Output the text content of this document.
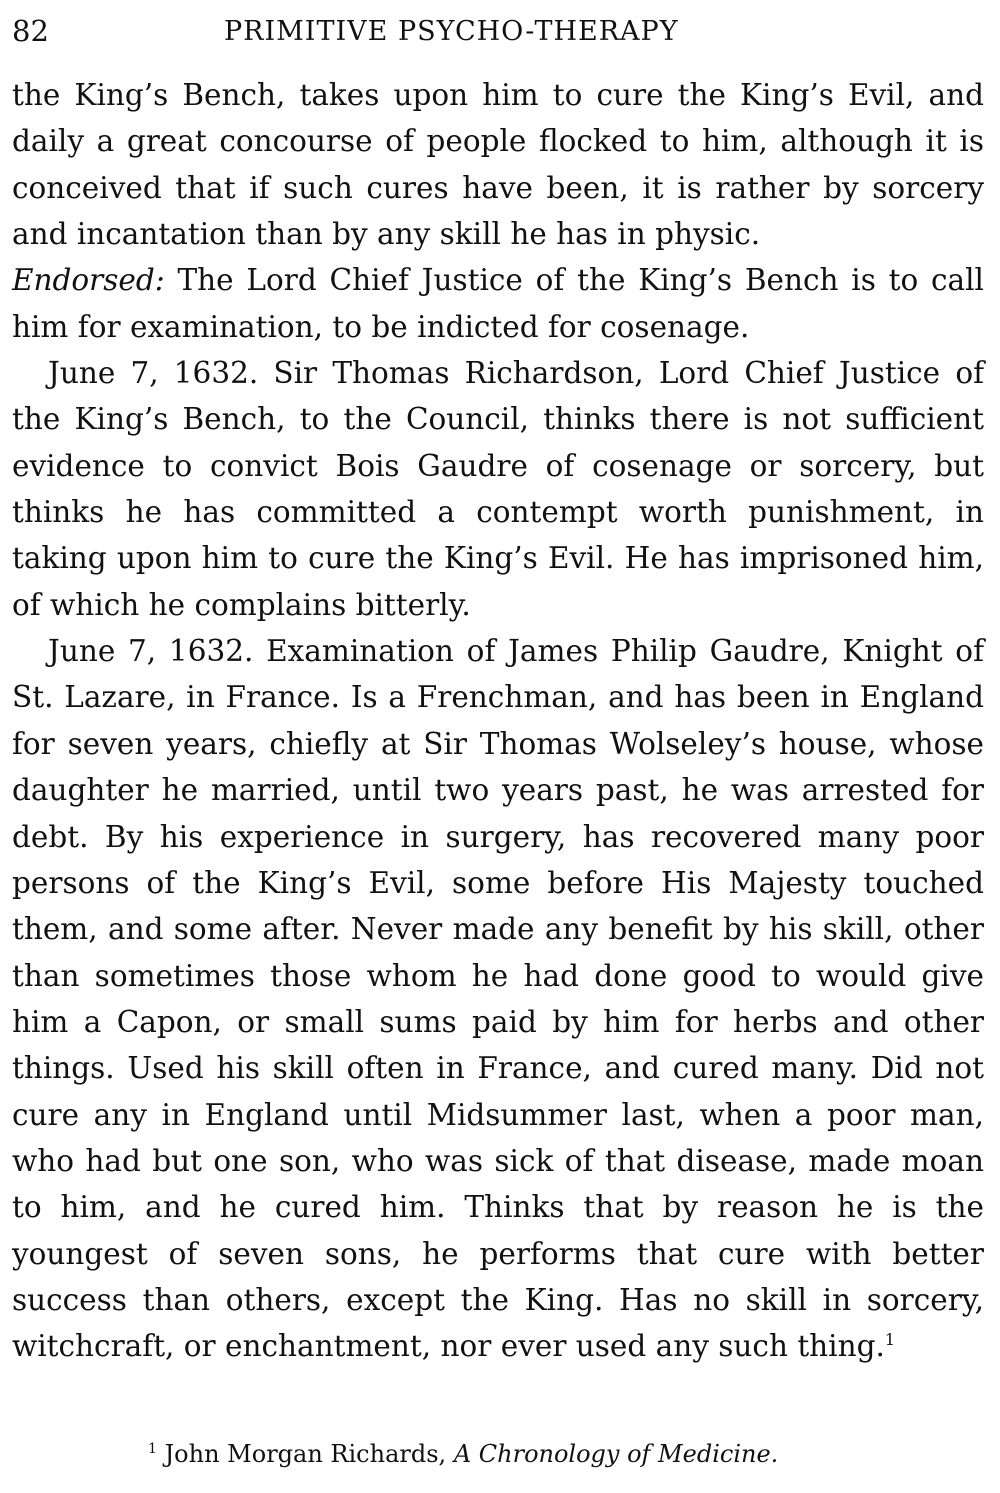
82	PRIMITIVE PSYCHO-THERAPY

the King’s Bench, takes upon him to cure the King’s Evil, and daily a great concourse of people flocked to him, although it is conceived that if such cures have been, it is rather by sorcery and incantation than by any skill he has in physic.
Endorsed: The Lord Chief Justice of the King’s Bench is to call him for examination, to be indicted for cosenage.

June 7, 1632. Sir Thomas Richardson, Lord Chief Justice of the King’s Bench, to the Council, thinks there is not sufficient evidence to convict Bois Gaudre of cosenage or sorcery, but thinks he has committed a contempt worth punishment, in taking upon him to cure the King’s Evil. He has imprisoned him, of which he complains bitterly.

June 7, 1632. Examination of James Philip Gaudre, Knight of St. Lazare, in France. Is a Frenchman, and has been in England for seven years, chiefly at Sir Thomas Wolseley’s house, whose daughter he married, until two years past, he was arrested for debt. By his experience in surgery, has recovered many poor persons of the King’s Evil, some before His Majesty touched them, and some after. Never made any benefit by his skill, other than sometimes those whom he had done good to would give him a Capon, or small sums paid by him for herbs and other things. Used his skill often in France, and cured many. Did not cure any in England until Midsummer last, when a poor man, who had but one son, who was sick of that disease, made moan to him, and he cured him. Thinks that by reason he is the youngest of seven sons, he performs that cure with better success than others, except the King. Has no skill in sorcery, witchcraft, or enchantment, nor ever used any such thing.$^1$

$^1$ John Morgan Richards, A Chronology of Medicine.
